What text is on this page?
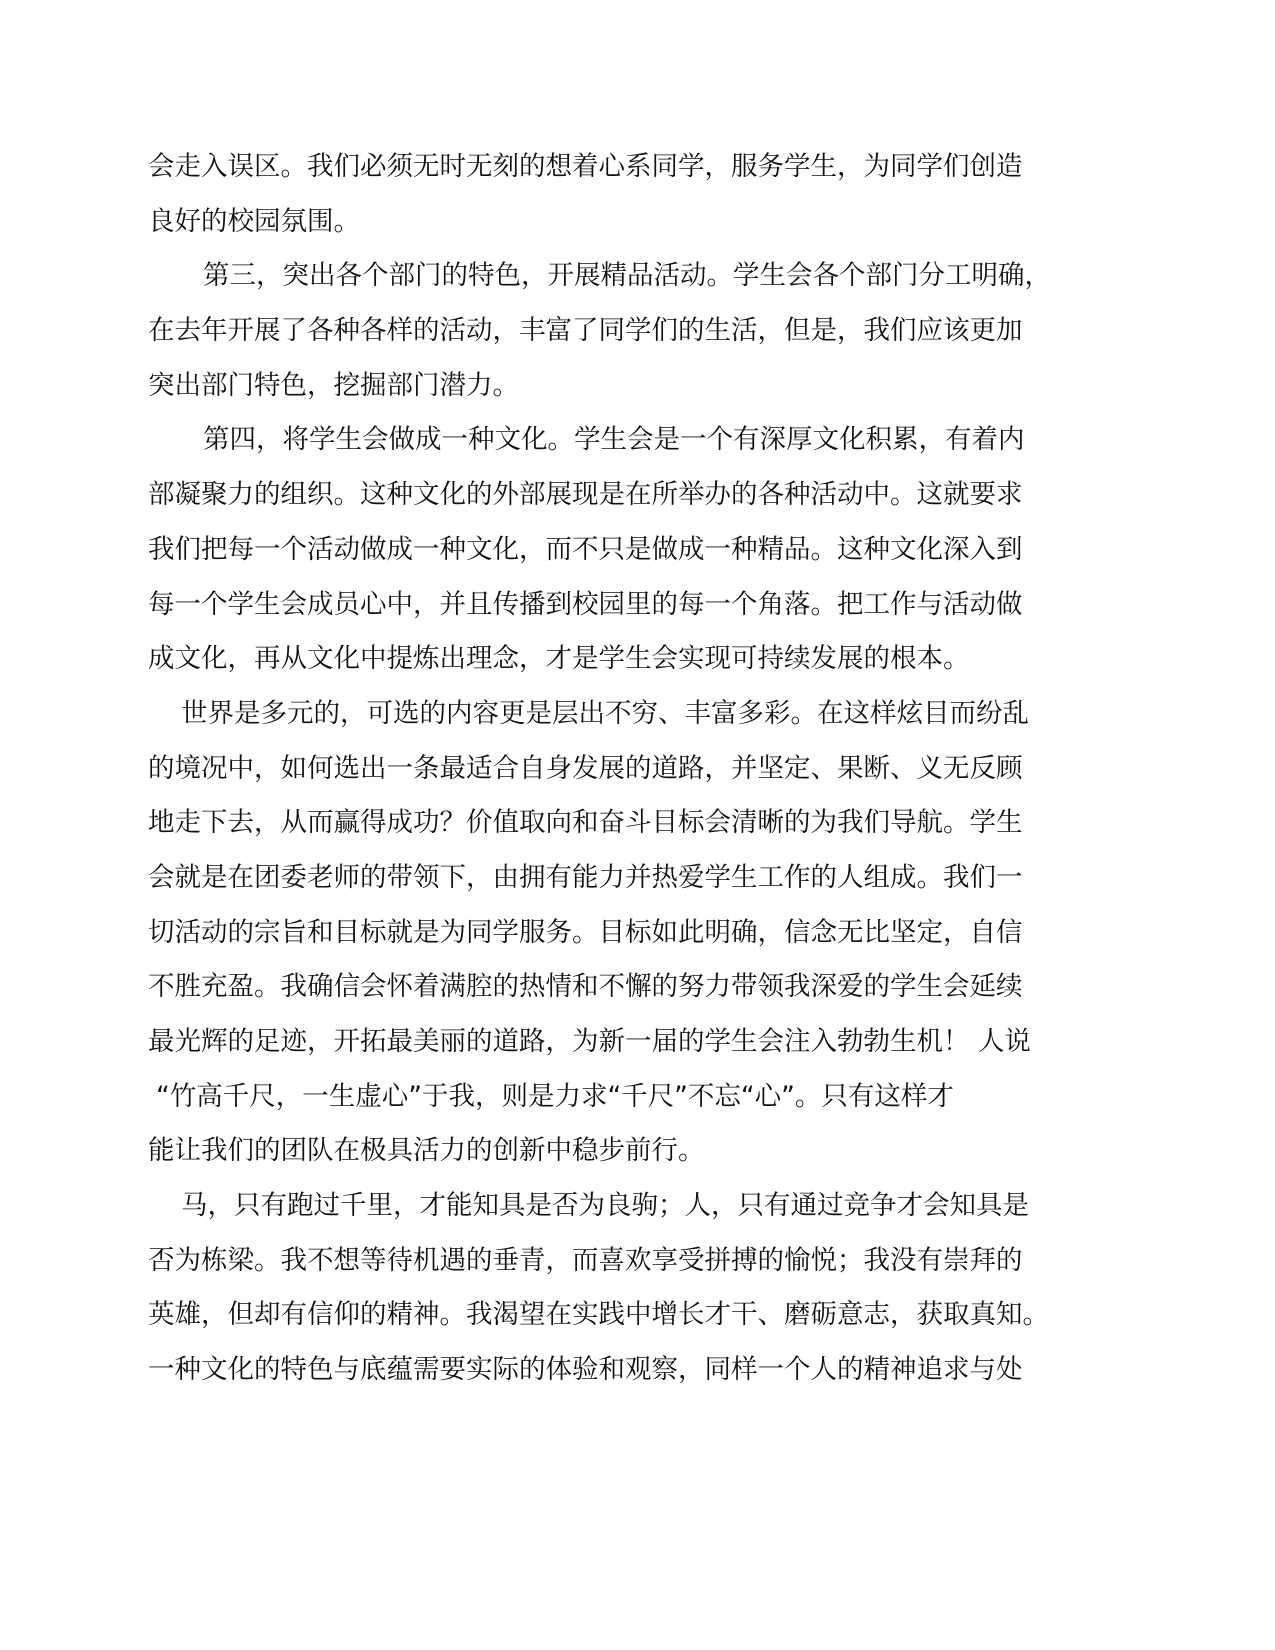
会走入误区。我们必须无时无刻的想着心系同学，服务学生，为同学们创造
良好的校园氛围。
第三，突出各个部门的特色，开展精品活动。学生会各个部门分工明确，
在去年开展了各种各样的活动，丰富了同学们的生活，但是，我们应该更加
突出部门特色，挖掘部门潜力。
第四，将学生会做成一种文化。学生会是一个有深厚文化积累，有着内
部凝聚力的组织。这种文化的外部展现是在所举办的各种活动中。这就要求
我们把每一个活动做成一种文化，而不只是做成一种精品。这种文化深入到
每一个学生会成员心中，并且传播到校园里的每一个角落。把工作与活动做
成文化，再从文化中提炼出理念，才是学生会实现可持续发展的根本。
世界是多元的，可选的内容更是层出不穷、丰富多彩。在这样炫目而纷乱
的境况中，如何选出一条最适合自身发展的道路，并坚定、果断、义无反顾
地走下去，从而赢得成功？价值取向和奋斗目标会清晰的为我们导航。学生
会就是在团委老师的带领下，由拥有能力并热爱学生工作的人组成。我们一
切活动的宗旨和目标就是为同学服务。目标如此明确，信念无比坚定，自信
不胜充盈。我确信会怀着满腔的热情和不懈的努力带领我深爱的学生会延续
最光辉的足迹，开拓最美丽的道路，为新一届的学生会注入勃勃生机！ 人说
“竹高千尺，一生虚心”于我，则是力求“千尺”不忘“心”。只有这样才
能让我们的团队在极具活力的创新中稳步前行。
马，只有跑过千里，才能知具是否为良驹；人，只有通过竞争才会知具是
否为栋梁。我不想等待机遇的垂青，而喜欢享受拼搏的愉悦；我没有崇拜的
英雄，但却有信仰的精神。我渴望在实践中增长才干、磨砺意志，获取真知。
一种文化的特色与底蕴需要实际的体验和观察，同样一个人的精神追求与处
